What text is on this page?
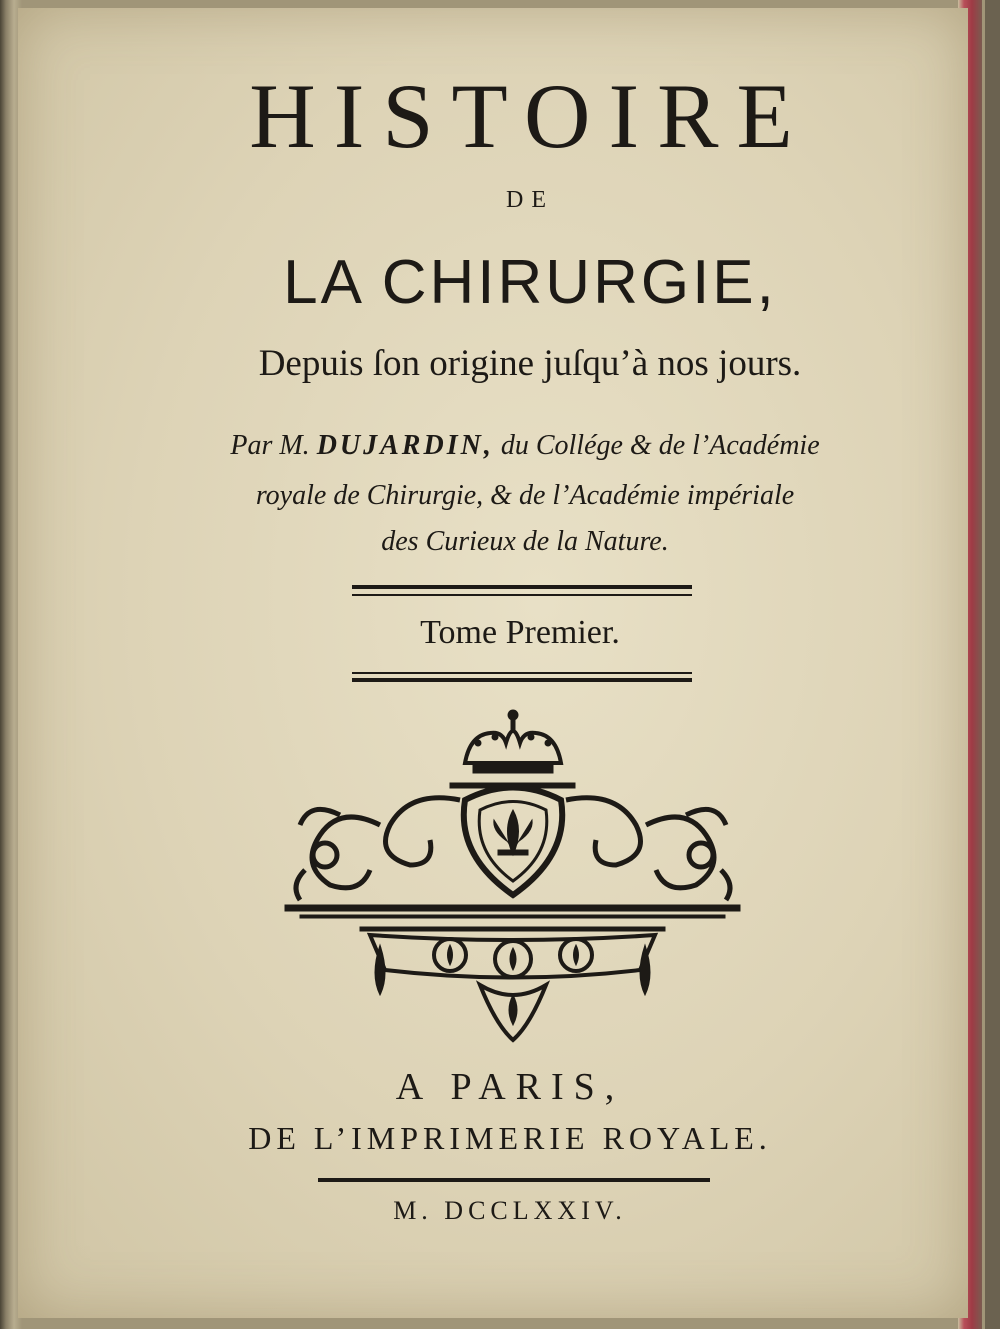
HISTOIRE
DE
LA CHIRURGIE,
Depuis ſon origine juſqu’à nos jours.
Par M. DUJARDIN, du Collége & de l’Académie
royale de Chirurgie, & de l’Académie impériale
des Curieux de la Nature.
Tome Premier.
A PARIS,
DE L’IMPRIMERIE ROYALE.
M. DCCLXXIV.
